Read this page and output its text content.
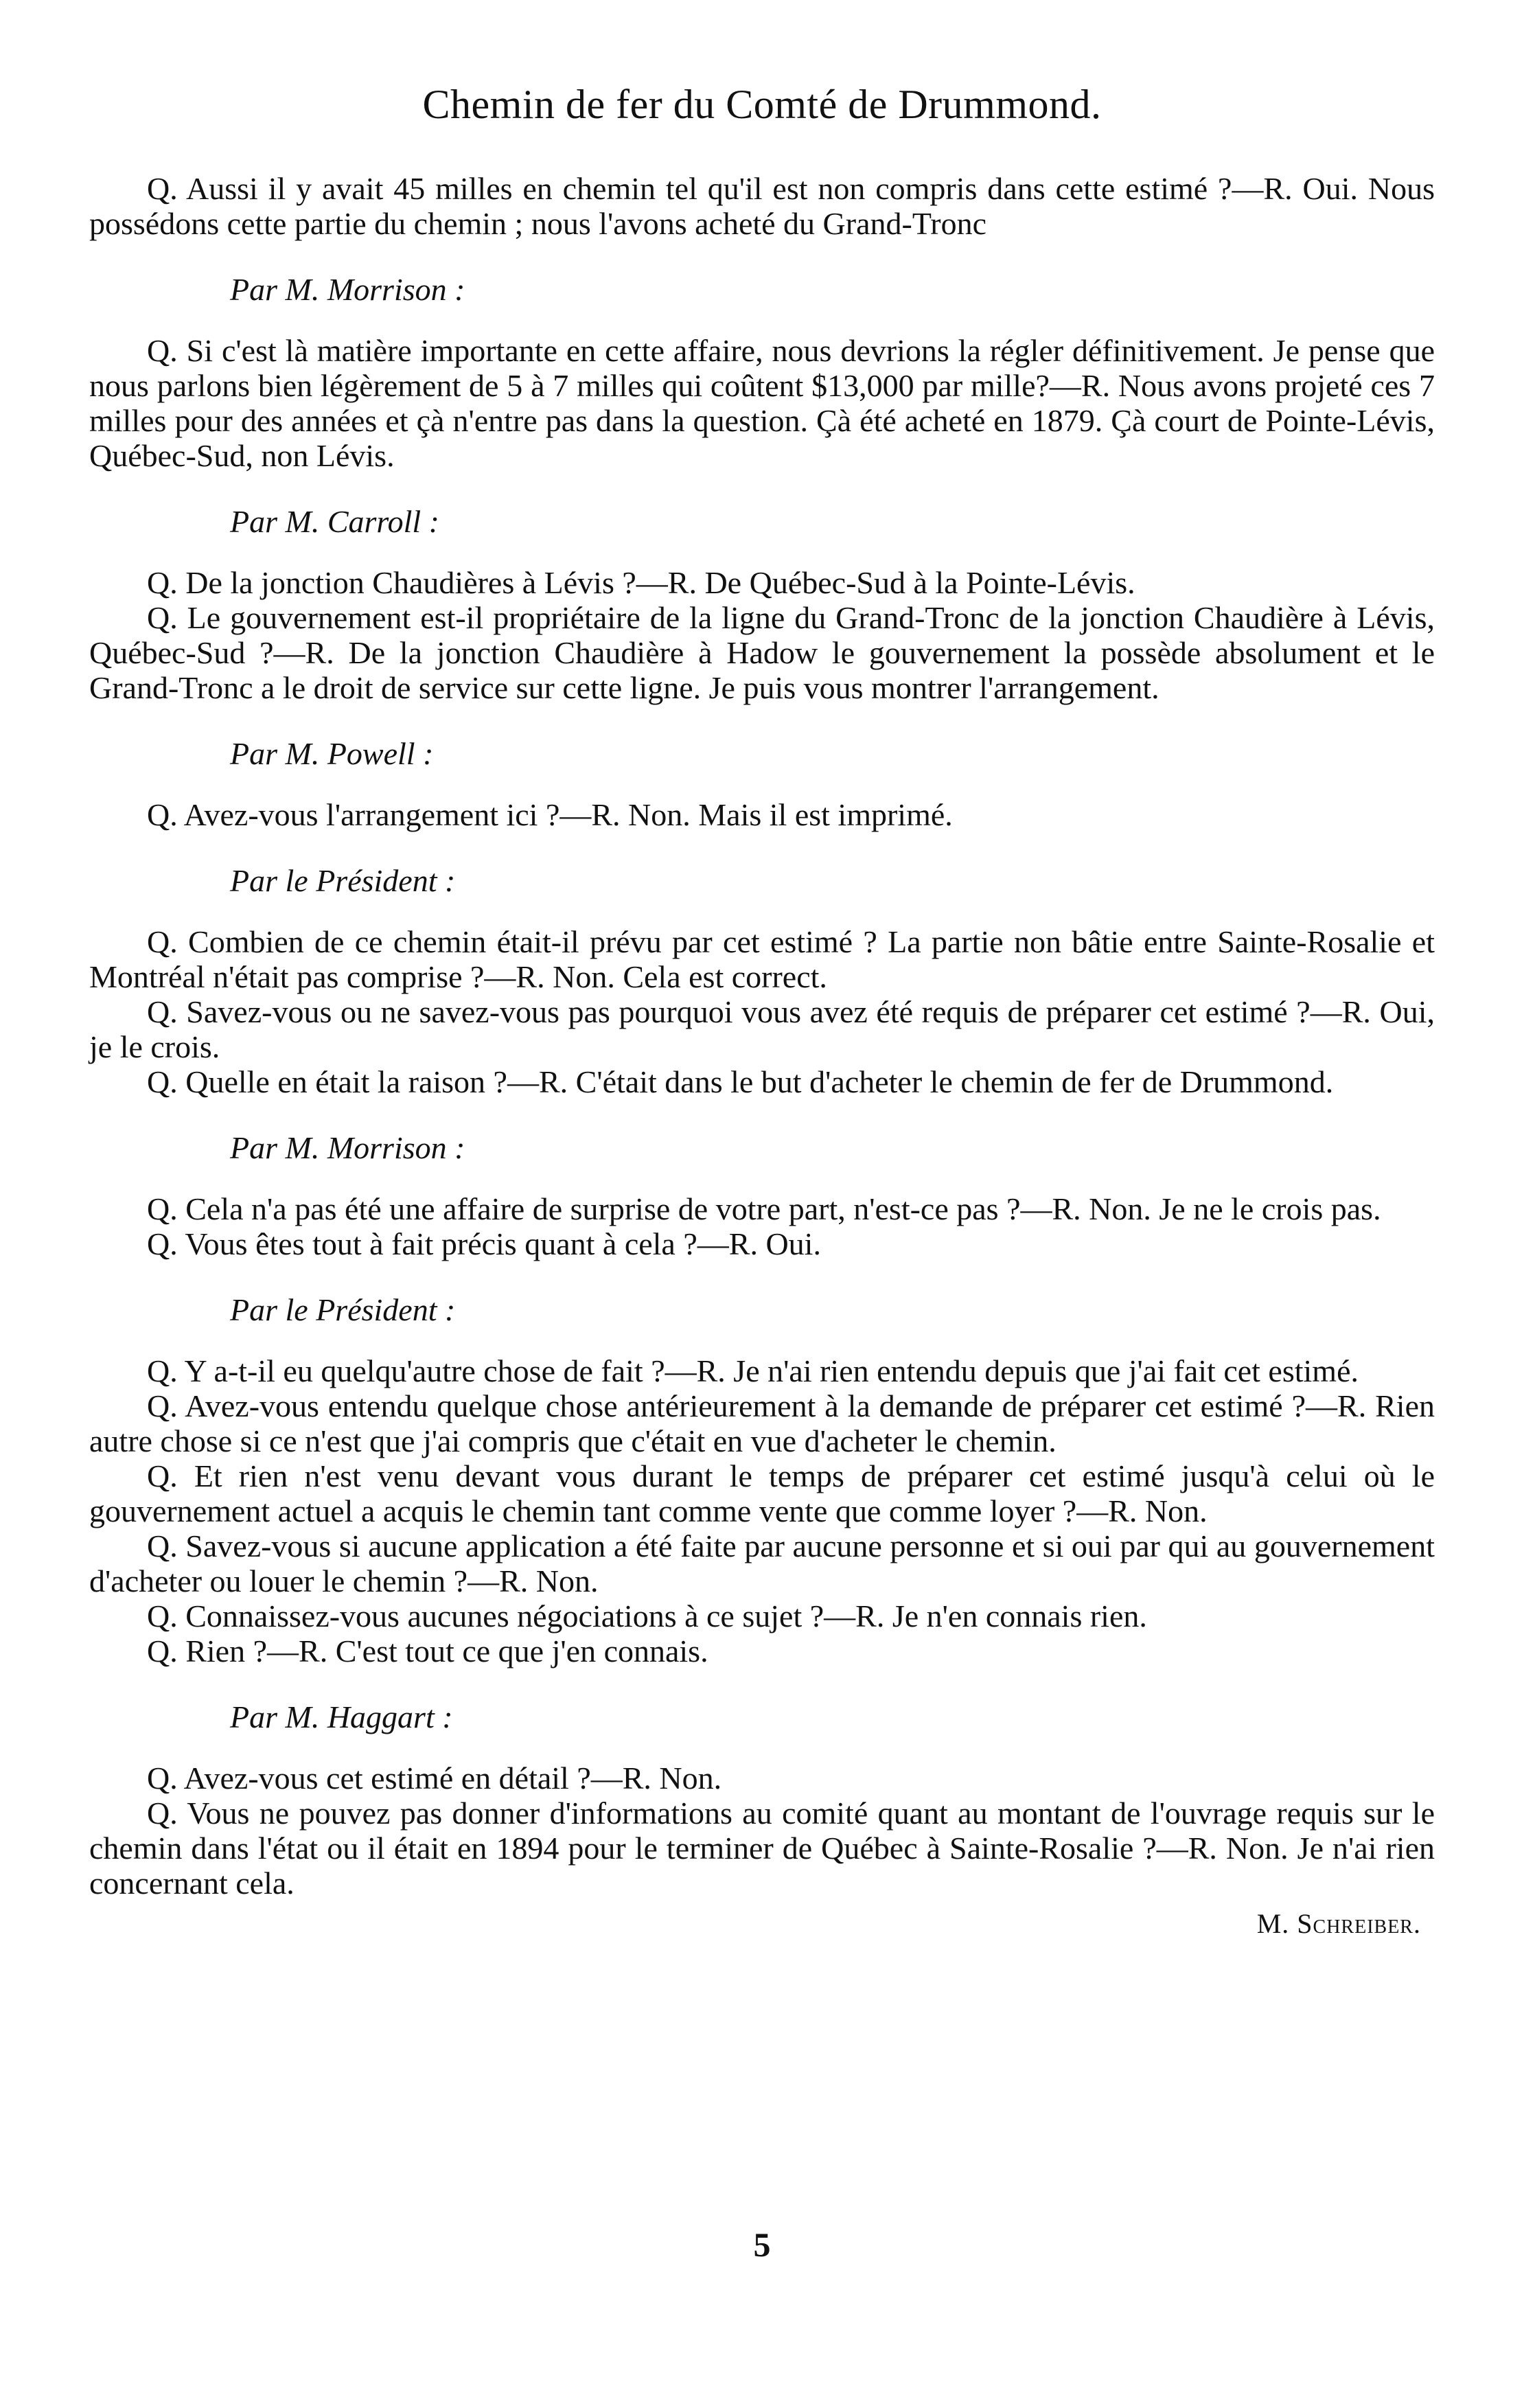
Chemin de fer du Comté de Drummond.

Q. Aussi il y avait 45 milles en chemin tel qu'il est non compris dans cette estimé ?—R. Oui. Nous possédons cette partie du chemin ; nous l'avons acheté du Grand-Tronc

Par M. Morrison :

Q. Si c'est là matière importante en cette affaire, nous devrions la régler définitivement. Je pense que nous parlons bien légèrement de 5 à 7 milles qui coûtent $13,000 par mille?—R. Nous avons projeté ces 7 milles pour des années et çà n'entre pas dans la question. Çà été acheté en 1879. Çà court de Pointe-Lévis, Québec-Sud, non Lévis.

Par M. Carroll :

Q. De la jonction Chaudières à Lévis ?—R. De Québec-Sud à la Pointe-Lévis.

Q. Le gouvernement est-il propriétaire de la ligne du Grand-Tronc de la jonction Chaudière à Lévis, Québec-Sud ?—R. De la jonction Chaudière à Hadow le gouvernement la possède absolument et le Grand-Tronc a le droit de service sur cette ligne. Je puis vous montrer l'arrangement.

Par M. Powell :

Q. Avez-vous l'arrangement ici ?—R. Non. Mais il est imprimé.

Par le Président :

Q. Combien de ce chemin était-il prévu par cet estimé ? La partie non bâtie entre Sainte-Rosalie et Montréal n'était pas comprise ?—R. Non. Cela est correct.

Q. Savez-vous ou ne savez-vous pas pourquoi vous avez été requis de préparer cet estimé ?—R. Oui, je le crois.

Q. Quelle en était la raison ?—R. C'était dans le but d'acheter le chemin de fer de Drummond.

Par M. Morrison :

Q. Cela n'a pas été une affaire de surprise de votre part, n'est-ce pas ?—R. Non. Je ne le crois pas.

Q. Vous êtes tout à fait précis quant à cela ?—R. Oui.

Par le Président :

Q. Y a-t-il eu quelqu'autre chose de fait ?—R. Je n'ai rien entendu depuis que j'ai fait cet estimé.

Q. Avez-vous entendu quelque chose antérieurement à la demande de préparer cet estimé ?—R. Rien autre chose si ce n'est que j'ai compris que c'était en vue d'acheter le chemin.

Q. Et rien n'est venu devant vous durant le temps de préparer cet estimé jusqu'à celui où le gouvernement actuel a acquis le chemin tant comme vente que comme loyer ?—R. Non.

Q. Savez-vous si aucune application a été faite par aucune personne et si oui par qui au gouvernement d'acheter ou louer le chemin ?—R. Non.

Q. Connaissez-vous aucunes négociations à ce sujet ?—R. Je n'en connais rien.

Q. Rien ?—R. C'est tout ce que j'en connais.

Par M. Haggart :

Q. Avez-vous cet estimé en détail ?—R. Non.

Q. Vous ne pouvez pas donner d'informations au comité quant au montant de l'ouvrage requis sur le chemin dans l'état ou il était en 1894 pour le terminer de Québec à Sainte-Rosalie ?—R. Non. Je n'ai rien concernant cela.

M. Schreiber.
5
